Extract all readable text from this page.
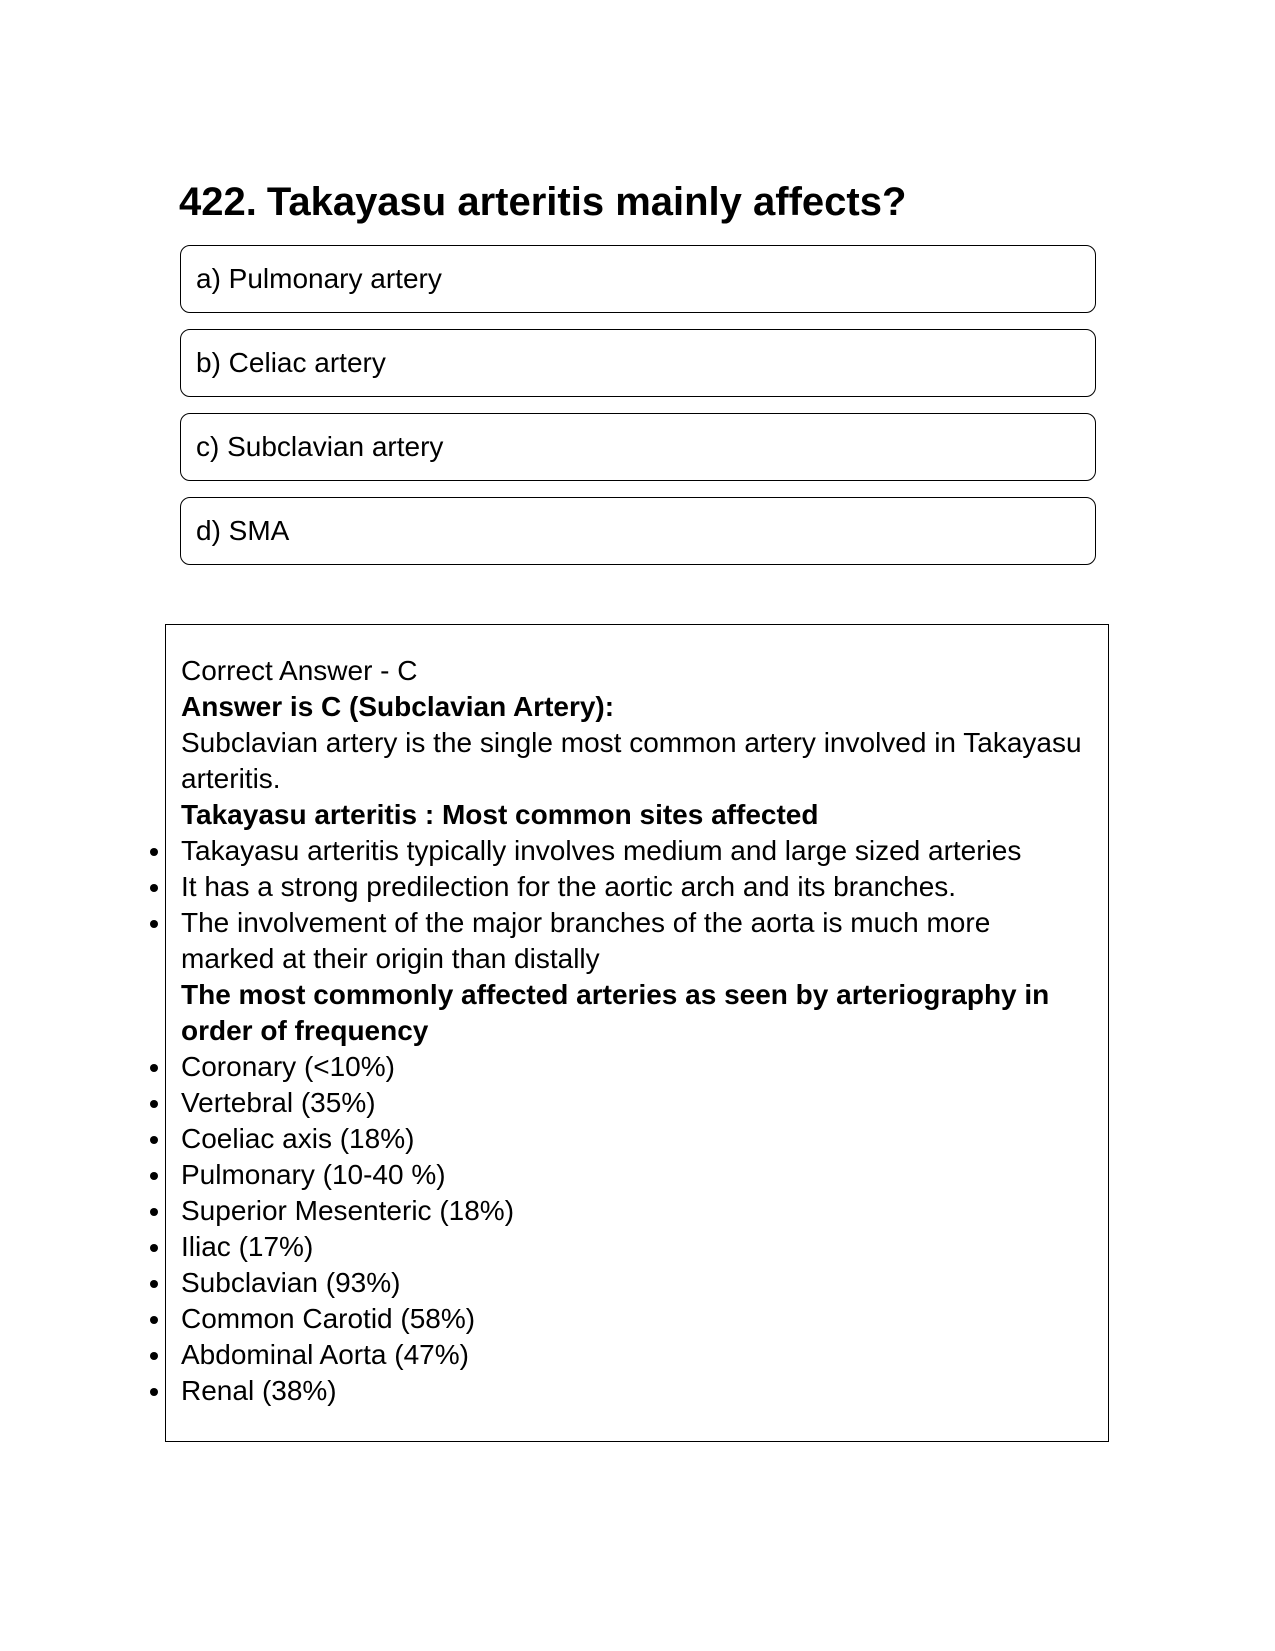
422. Takayasu arteritis mainly affects?
a) Pulmonary artery
b) Celiac artery
c) Subclavian artery
d) SMA

Correct Answer - C

Answer is C (Subclavian Artery):

Subclavian artery is the single most common artery involved in Takayasu arteritis.

Takayasu arteritis : Most common sites affected

Takayasu arteritis typically involves medium and large sized arteries
It has a strong predilection for the aortic arch and its branches.
The involvement of the major branches of the aorta is much more marked at their origin than distally

The most commonly affected arteries as seen by arteriography in order of frequency

Coronary (<10%)
Vertebral (35%)
Coeliac axis (18%)
Pulmonary (10-40 %)
Superior Mesenteric (18%)
Iliac (17%)
Subclavian (93%)
Common Carotid (58%)
Abdominal Aorta (47%)
Renal (38%)
